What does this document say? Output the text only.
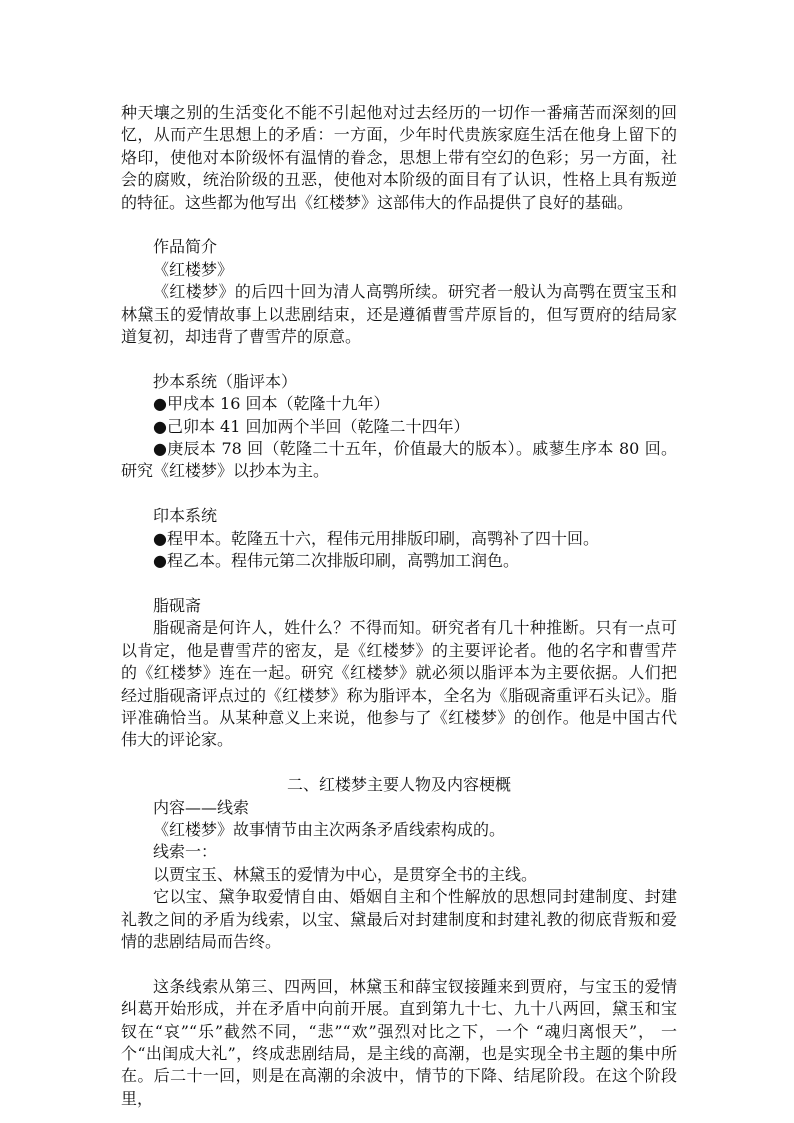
种天壤之别的生活变化不能不引起他对过去经历的一切作一番痛苦而深刻的回忆，从而产生思想上的矛盾：一方面，少年时代贵族家庭生活在他身上留下的烙印，使他对本阶级怀有温情的眷念，思想上带有空幻的色彩；另一方面，社会的腐败，统治阶级的丑恶，使他对本阶级的面目有了认识，性格上具有叛逆的特征。这些都为他写出《红楼梦》这部伟大的作品提供了良好的基础。

作品简介

《红楼梦》

《红楼梦》的后四十回为清人高鹗所续。研究者一般认为高鹗在贾宝玉和林黛玉的爱情故事上以悲剧结束，还是遵循曹雪芹原旨的，但写贾府的结局家道复初，却违背了曹雪芹的原意。

抄本系统（脂评本）

●甲戌本 16 回本（乾隆十九年）

●己卯本 41 回加两个半回（乾隆二十四年）

●庚辰本 78 回（乾隆二十五年，价值最大的版本）。戚蓼生序本 80 回。研究《红楼梦》以抄本为主。

印本系统

●程甲本。乾隆五十六，程伟元用排版印刷，高鹗补了四十回。

●程乙本。程伟元第二次排版印刷，高鹗加工润色。

脂砚斋

脂砚斋是何许人，姓什么？不得而知。研究者有几十种推断。只有一点可以肯定，他是曹雪芹的密友，是《红楼梦》的主要评论者。他的名字和曹雪芹的《红楼梦》连在一起。研究《红楼梦》就必须以脂评本为主要依据。人们把经过脂砚斋评点过的《红楼梦》称为脂评本，全名为《脂砚斋重评石头记》。脂评准确恰当。从某种意义上来说，他参与了《红楼梦》的创作。他是中国古代伟大的评论家。

二、红楼梦主要人物及内容梗概

内容——线索

《红楼梦》故事情节由主次两条矛盾线索构成的。

线索一：

以贾宝玉、林黛玉的爱情为中心，是贯穿全书的主线。

它以宝、黛争取爱情自由、婚姻自主和个性解放的思想同封建制度、封建礼教之间的矛盾为线索，以宝、黛最后对封建制度和封建礼教的彻底背叛和爱情的悲剧结局而告终。

这条线索从第三、四两回，林黛玉和薛宝钗接踵来到贾府，与宝玉的爱情纠葛开始形成，并在矛盾中向前开展。直到第九十七、九十八两回，黛玉和宝钗在“哀”“乐”截然不同，“悲”“欢”强烈对比之下，一个 “魂归离恨天”， 一个“出闺成大礼”，终成悲剧结局，是主线的高潮，也是实现全书主题的集中所在。后二十一回，则是在高潮的余波中，情节的下降、结尾阶段。在这个阶段里，
